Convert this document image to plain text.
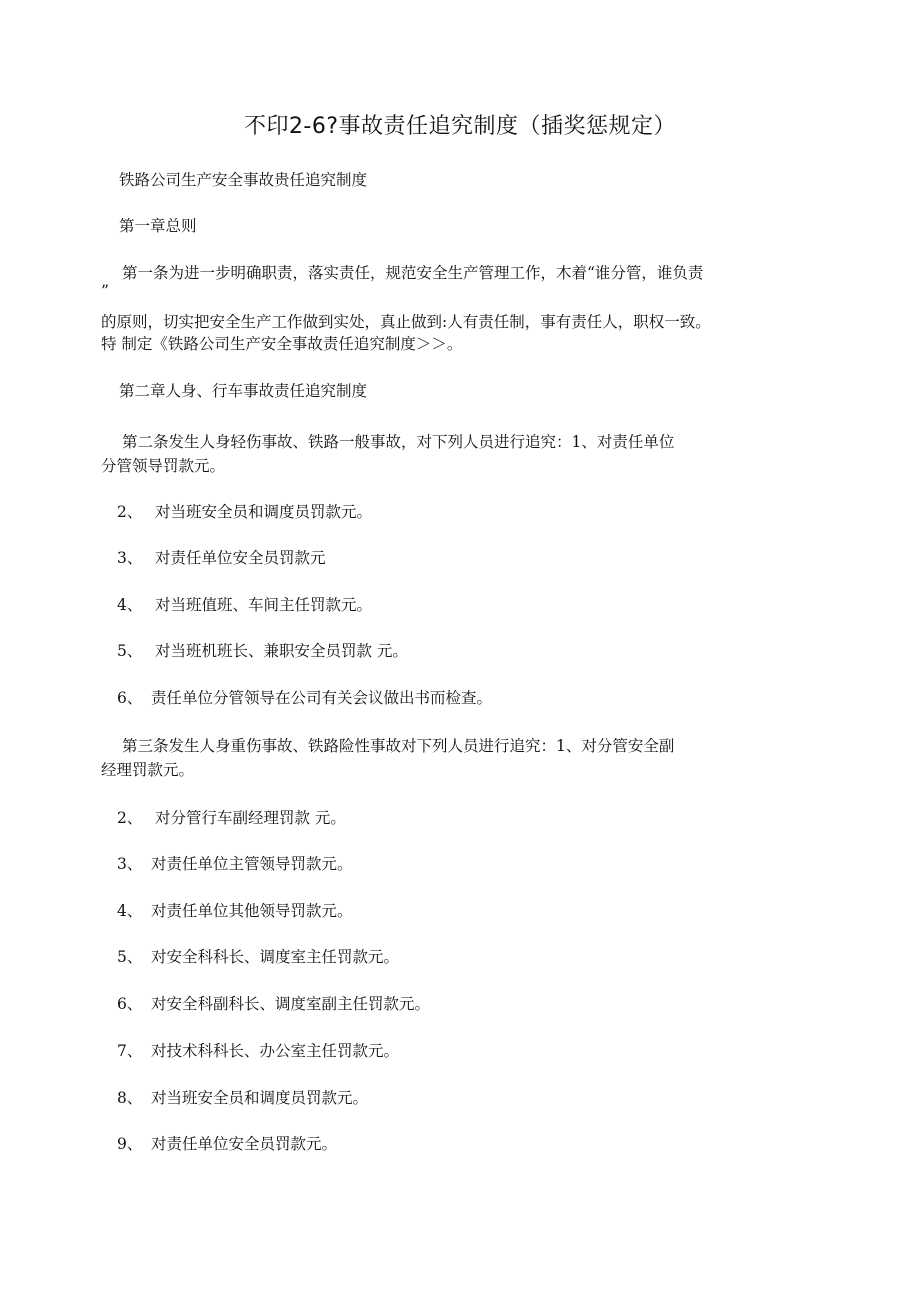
不印2-6?事故责任追究制度（插奖惩规定）
铁路公司生产安全事故贵任追究制度
第一章总则
第一条为进一步明确职责，落实责任，规范安全生产管理工作，木着“谁分管，谁负责
”
的原则，切实把安全生产工作做到实处，真止做到:人有责任制，事有责任人，职权一致。
特 制定《铁路公司生产安全事故责任追究制度＞＞。
第二章人身、行车事故责任追究制度
第二条发生人身轻伤事故、铁路一般事故，对下列人员进行追究：1、对责任单位
分管领导罚款元。
2、 对当班安全员和调度员罚款元。
3、 对责任单位安全员罚款元
4、 对当班值班、车间主任罚款元。
5、 对当班机班长、兼职安全员罚款 元。
6、 责任单位分管领导在公司有关会议做出书而检查。
第三条发生人身重伤事故、铁路险性事故对下列人员进行追究：1、对分管安全副
经理罚款元。
2、 对分管行车副经理罚款 元。
3、 对责任单位主管领导罚款元。
4、 对责任单位其他领导罚款元。
5、 对安全科科长、调度室主任罚款元。
6、 对安全科副科长、调度室副主任罚款元。
7、 对技术科科长、办公室主任罚款元。
8、 对当班安全员和调度员罚款元。
9、 对责任单位安全员罚款元。
